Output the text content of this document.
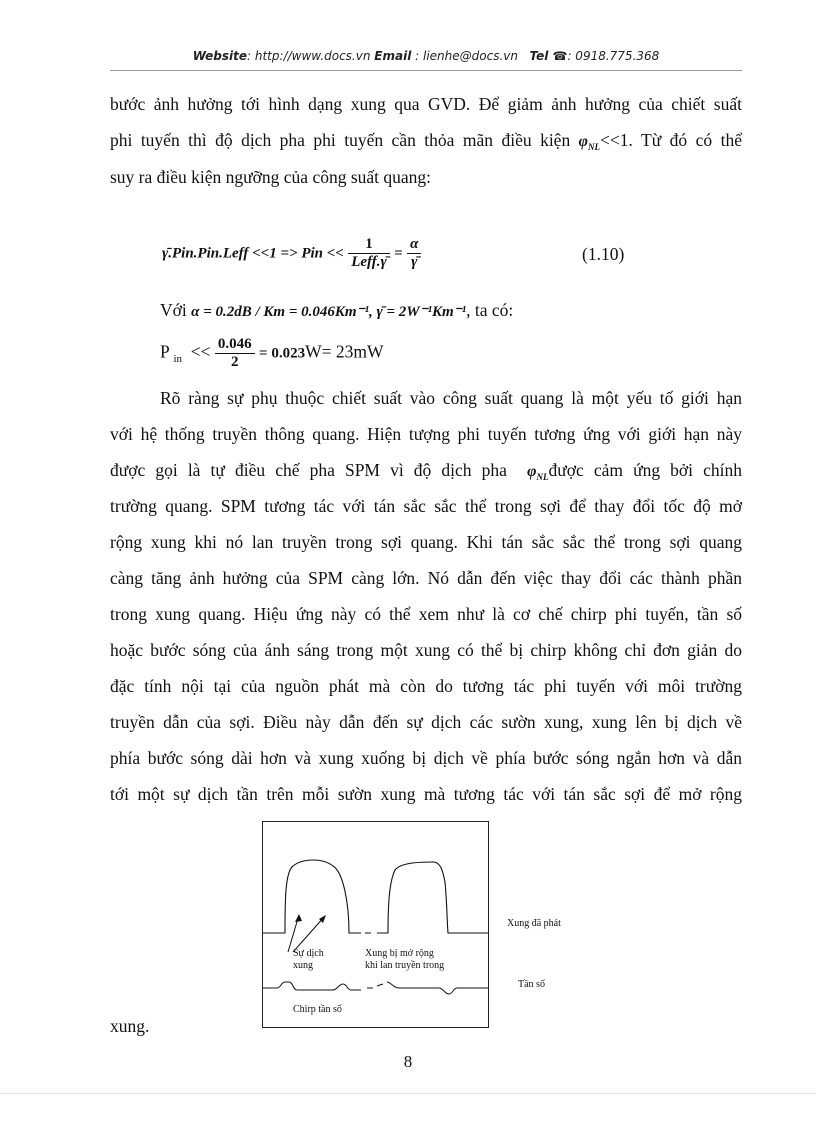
Website: http://www.docs.vn Email : lienhe@docs.vn Tel ☎: 0918.775.368
bước ảnh hưởng tới hình dạng xung qua GVD. Để giảm ảnh hưởng của chiết suất
phi tuyến thì độ dịch pha phi tuyến cần thỏa mãn điều kiện $\varphi_{NL}<<1$. Từ đó có thể
suy ra điều kiện ngưỡng của công suất quang:
γ̄.Pin.Pin.Leff <<1 => Pin << $\frac{1}{\text{Leff.γ̄}} = \frac{\alpha}{\gammā}$	(1.10)
Với α = 0.2dB / Km = 0.046Km⁻¹, γ̄ = 2W⁻¹Km⁻¹, ta có:
P $_{in} << \frac{0.046}{2} = 0.023W= 23mW$
Rõ ràng sự phụ thuộc chiết suất vào công suất quang là một yếu tố giới hạn
với hệ thống truyền thông quang. Hiện tượng phi tuyến tương ứng với giới hạn này
được gọi là tự điều chế pha SPM vì độ dịch pha  $\varphi_{NL}được$ cảm ứng bởi chính
trường quang. SPM tương tác với tán sắc sắc thể trong sợi để thay đổi tốc độ mở
rộng xung khi nó lan truyền trong sợi quang. Khi tán sắc sắc thể trong sợi quang
càng tăng ảnh hưởng của SPM càng lớn. Nó dẫn đến việc thay đổi các thành phần
trong xung quang. Hiệu ứng này có thể xem như là cơ chế chirp phi tuyến, tần số
hoặc bước sóng của ánh sáng trong một xung có thể bị chirp không chỉ đơn giản do
đặc tính nội tại của nguồn phát mà còn do tương tác phi tuyến với môi trường
truyền dẫn của sợi. Điều này dẫn đến sự dịch các sườn xung, xung lên bị dịch về
phía bước sóng dài hơn và xung xuống bị dịch về phía bước sóng ngắn hơn và dẫn
tới một sự dịch tần trên mỗi sườn xung mà tương tác với tán sắc sợi để mở rộng
Sự dịch
xung
Xung bị mở rộng
khi lan truyền trong
Chirp tần số
Xung đã phát
Tần số
xung.
8
